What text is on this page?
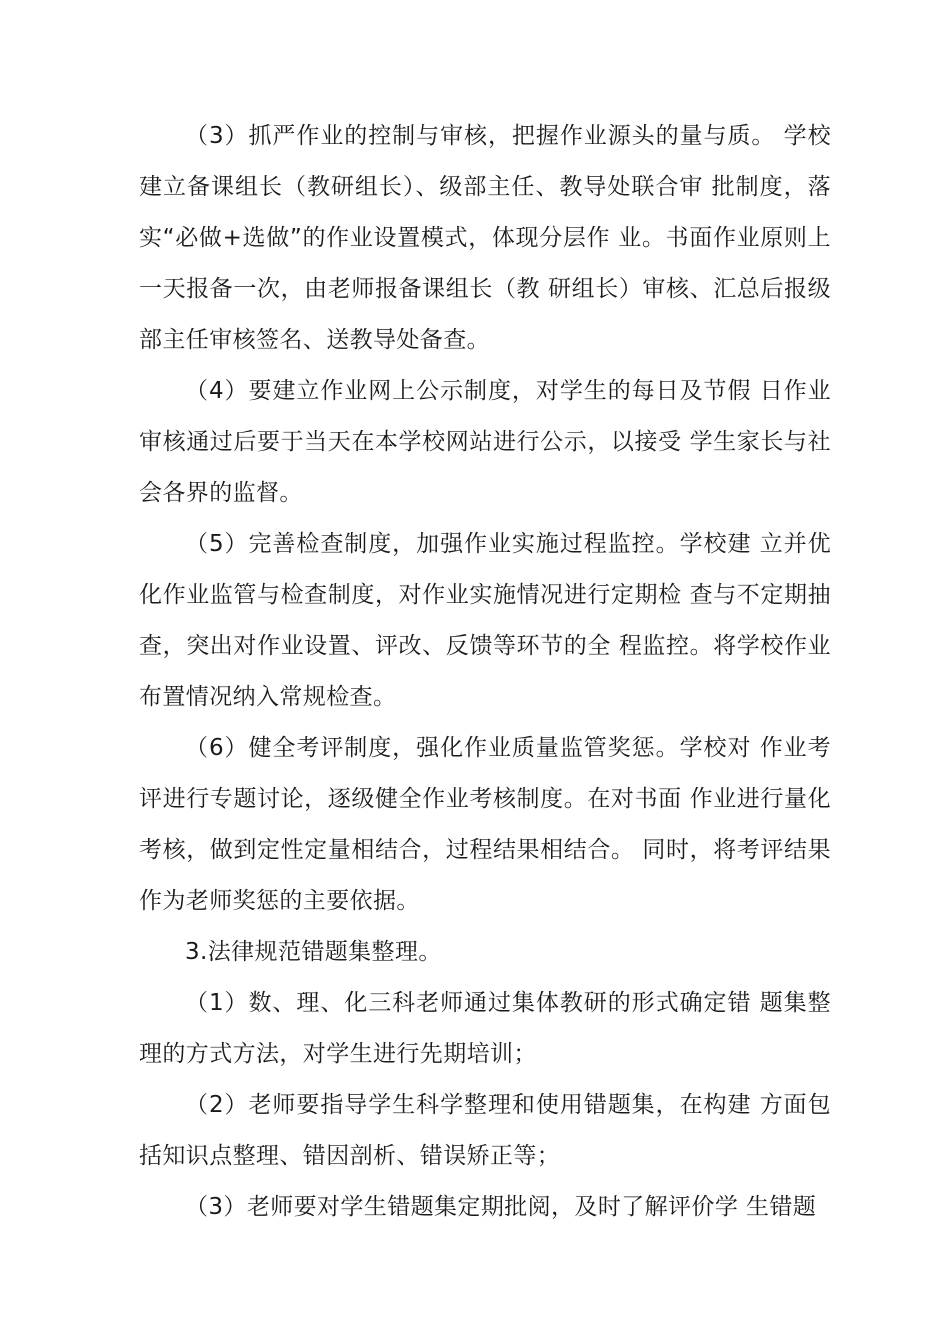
（3）抓严作业的控制与审核，把握作业源头的量与质。 学校建立备课组长（教研组长）、级部主任、教导处联合审 批制度，落实“必做+选做”的作业设置模式，体现分层作 业。书面作业原则上一天报备一次，由老师报备课组长（教 研组长）审核、汇总后报级部主任审核签名、送教导处备查。

（4）要建立作业网上公示制度，对学生的每日及节假 日作业审核通过后要于当天在本学校网站进行公示，以接受 学生家长与社会各界的监督。

（5）完善检查制度，加强作业实施过程监控。学校建 立并优化作业监管与检查制度，对作业实施情况进行定期检 查与不定期抽查，突出对作业设置、评改、反馈等环节的全 程监控。将学校作业布置情况纳入常规检查。

（6）健全考评制度，强化作业质量监管奖惩。学校对 作业考评进行专题讨论，逐级健全作业考核制度。在对书面 作业进行量化考核，做到定性定量相结合，过程结果相结合。 同时，将考评结果作为老师奖惩的主要依据。

3.法律规范错题集整理。

（1）数、理、化三科老师通过集体教研的形式确定错 题集整理的方式方法，对学生进行先期培训；

（2）老师要指导学生科学整理和使用错题集，在构建 方面包括知识点整理、错因剖析、错误矫正等；

（3）老师要对学生错题集定期批阅，及时了解评价学 生错题
